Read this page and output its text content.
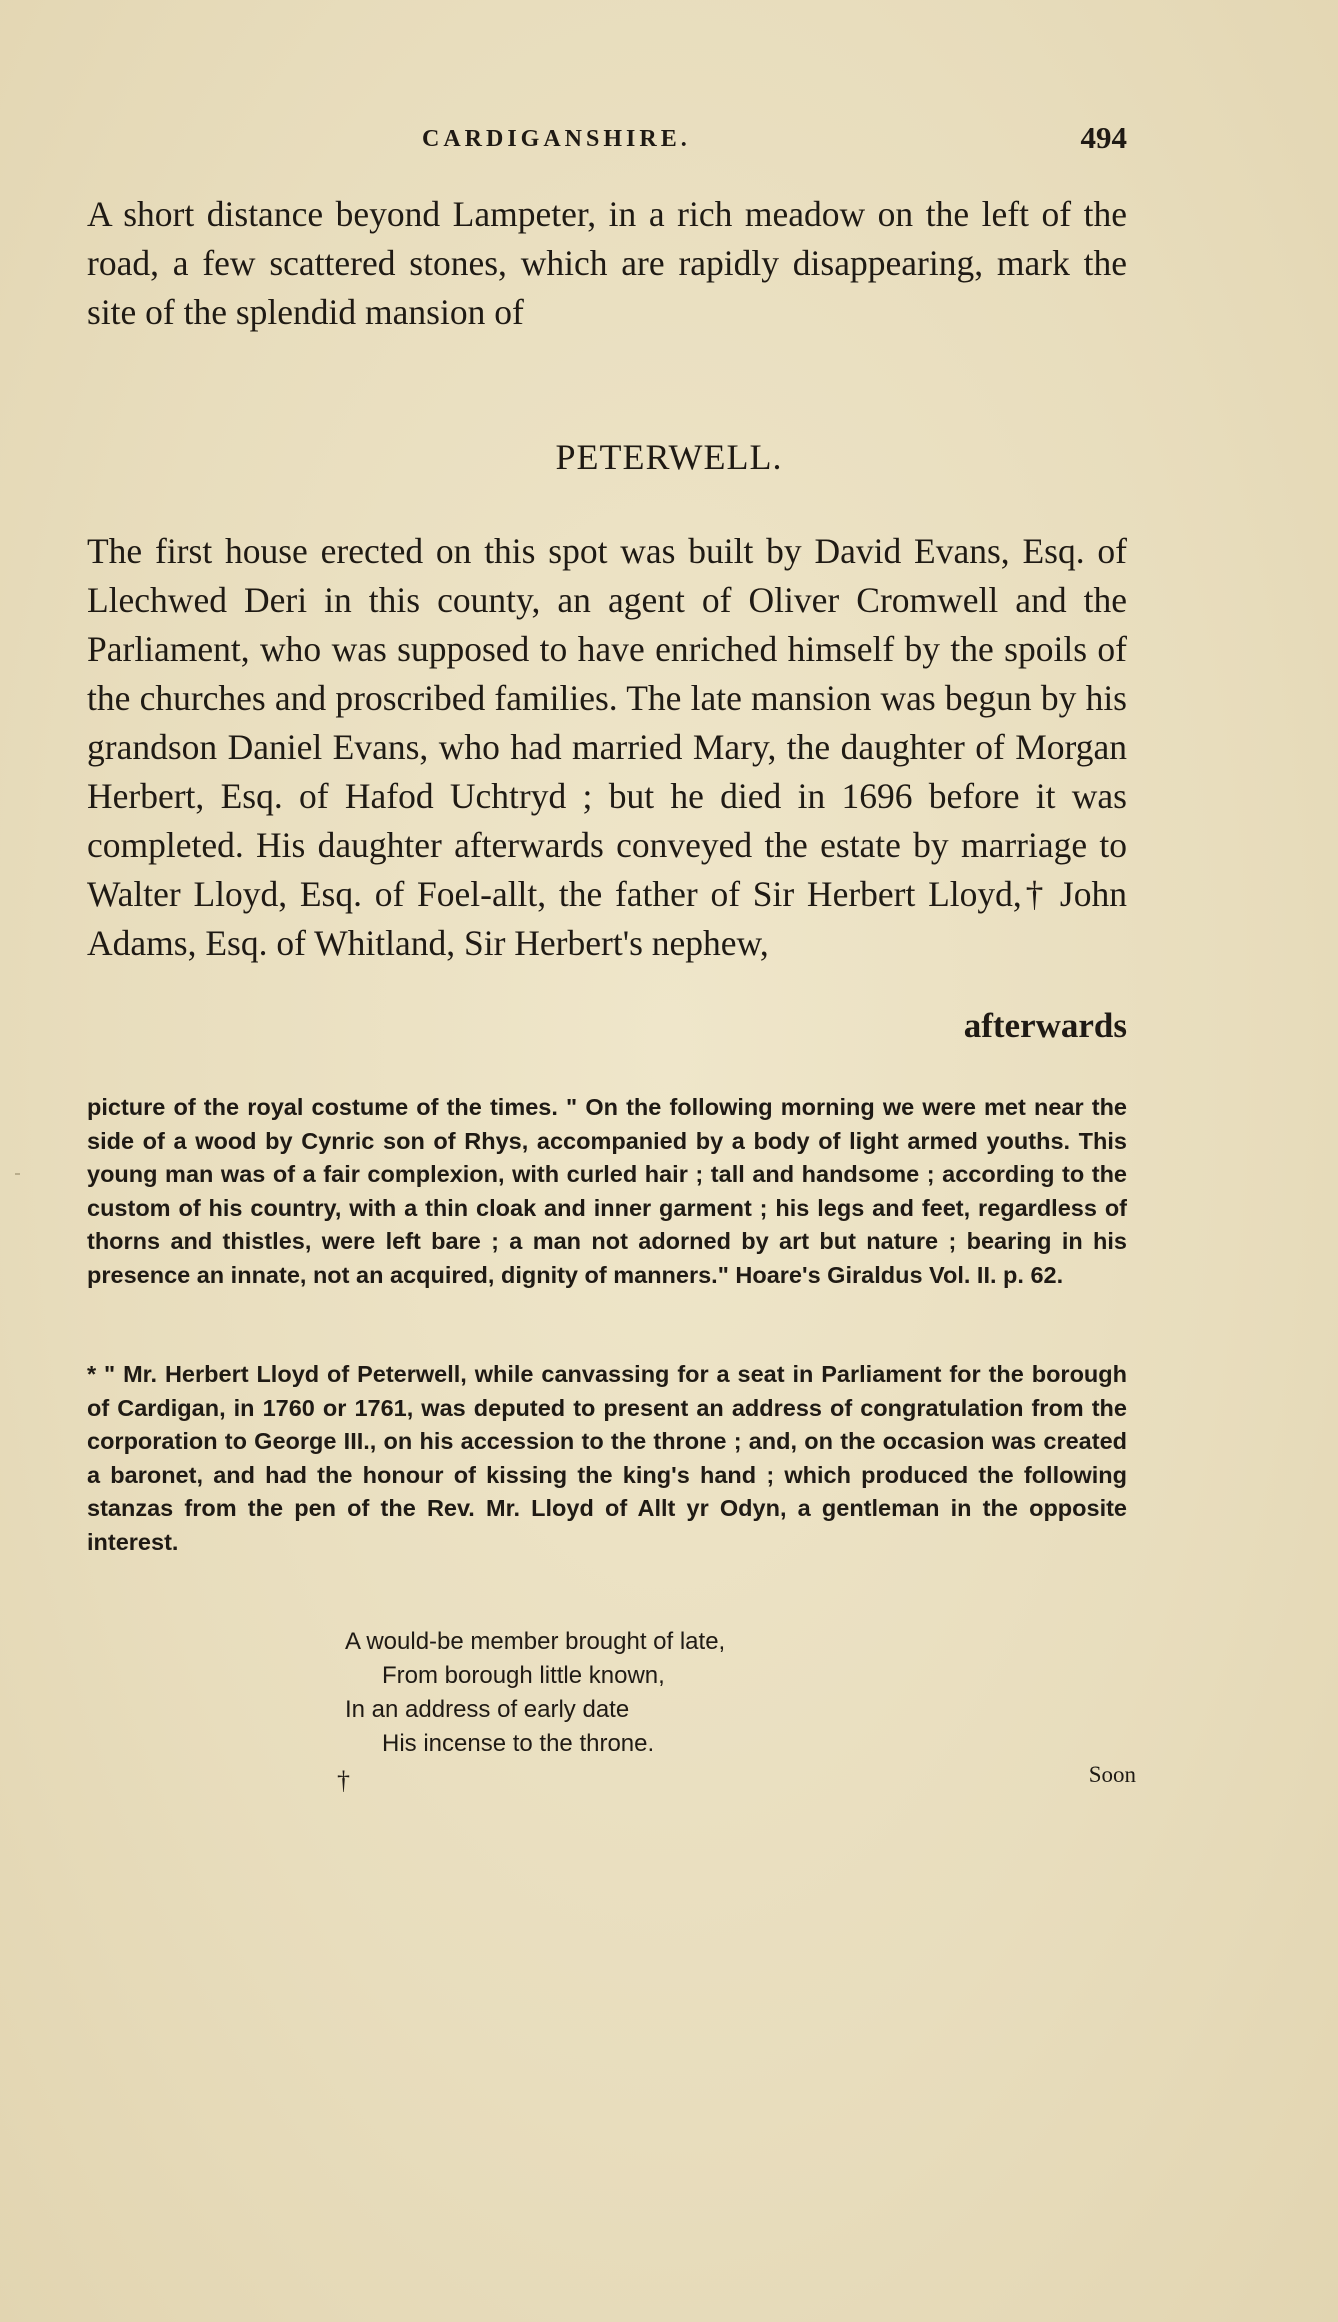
CARDIGANSHIRE.	494

A short distance beyond Lampeter, in a rich meadow on the left of the road, a few scattered stones, which are rapidly disappearing, mark the site of the splendid mansion of

PETERWELL.

The first house erected on this spot was built by David Evans, Esq. of Llechwed Deri in this county, an agent of Oliver Cromwell and the Parliament, who was supposed to have enriched himself by the spoils of the churches and proscribed families. The late mansion was begun by his grandson Daniel Evans, who had married Mary, the daughter of Morgan Herbert, Esq. of Hafod Uchtryd ; but he died in 1696 before it was completed. His daughter afterwards conveyed the estate by marriage to Walter Lloyd, Esq. of Foel-allt, the father of Sir Herbert Lloyd,† John Adams, Esq. of Whitland, Sir Herbert's nephew,

afterwards

picture of the royal costume of the times. " On the following morning we were met near the side of a wood by Cynric son of Rhys, accompanied by a body of light armed youths. This young man was of a fair complexion, with curled hair ; tall and handsome ; according to the custom of his country, with a thin cloak and inner garment ; his legs and feet, regardless of thorns and thistles, were left bare ; a man not adorned by art but nature ; bearing in his presence an innate, not an acquired, dignity of manners." Hoare's Giraldus Vol. II. p. 62.

* " Mr. Herbert Lloyd of Peterwell, while canvassing for a seat in Parliament for the borough of Cardigan, in 1760 or 1761, was deputed to present an address of congratulation from the corporation to George III., on his accession to the throne ; and, on the occasion was created a baronet, and had the honour of kissing the king's hand ; which produced the following stanzas from the pen of the Rev. Mr. Lloyd of Allt yr Odyn, a gentleman in the opposite interest.

A would-be member brought of late,
From borough little known,
In an address of early date
His incense to the throne.
†	Soon
